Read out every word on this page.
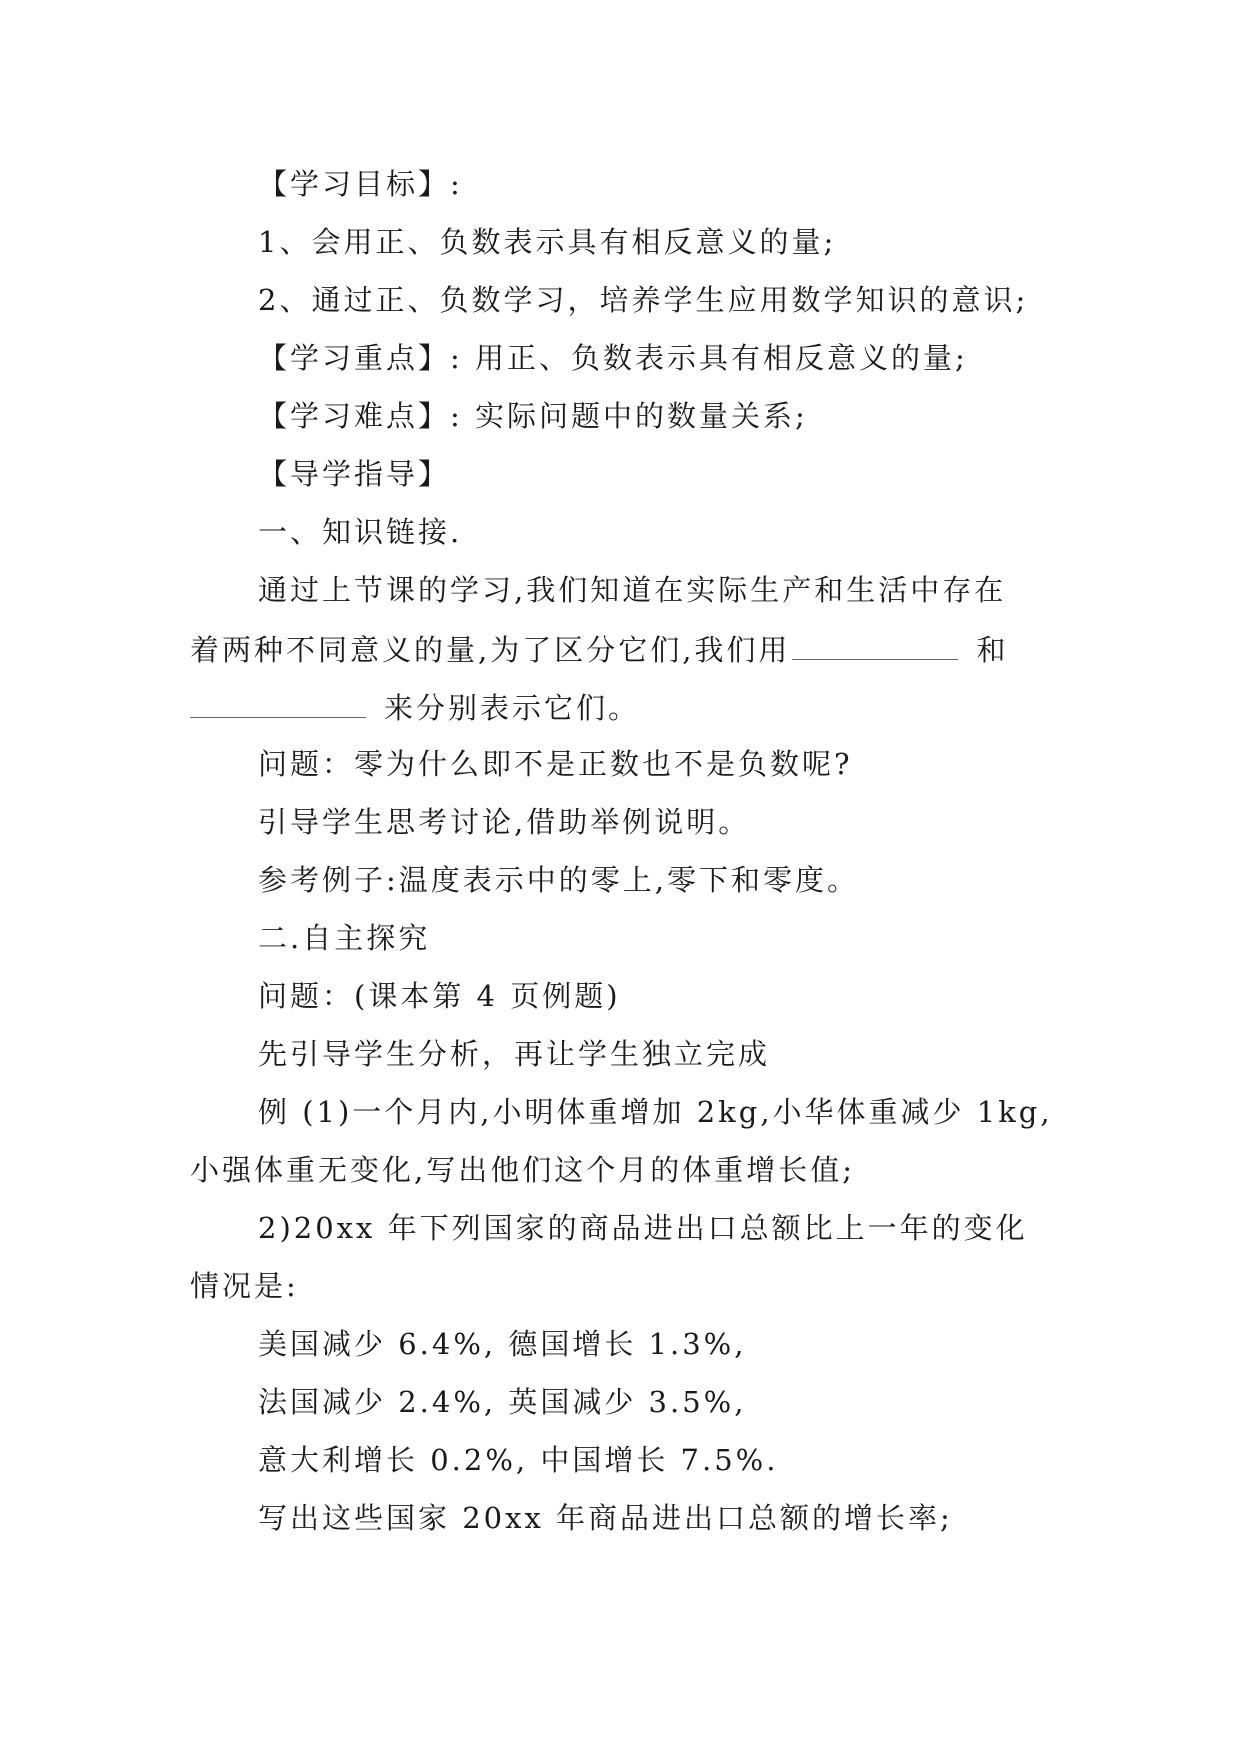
【学习目标】:
1、会用正、负数表示具有相反意义的量;
2、通过正、负数学习，培养学生应用数学知识的意识;
【学习重点】: 用正、负数表示具有相反意义的量;
【学习难点】: 实际问题中的数量关系;
【导学指导】
一、知识链接.
通过上节课的学习,我们知道在实际生产和生活中存在
着两种不同意义的量,为了区分它们,我们用	和
来分别表示它们。
问题：零为什么即不是正数也不是负数呢?
引导学生思考讨论,借助举例说明。
参考例子:温度表示中的零上,零下和零度。
二.自主探究
问题：(课本第 4 页例题)
先引导学生分析，再让学生独立完成
例 (1)一个月内,小明体重增加 2kg,小华体重减少 1kg,
小强体重无变化,写出他们这个月的体重增长值;
2)20xx 年下列国家的商品进出口总额比上一年的变化
情况是:
美国减少 6.4%, 德国增长 1.3%,
法国减少 2.4%, 英国减少 3.5%,
意大利增长 0.2%, 中国增长 7.5%.
写出这些国家 20xx 年商品进出口总额的增长率;
